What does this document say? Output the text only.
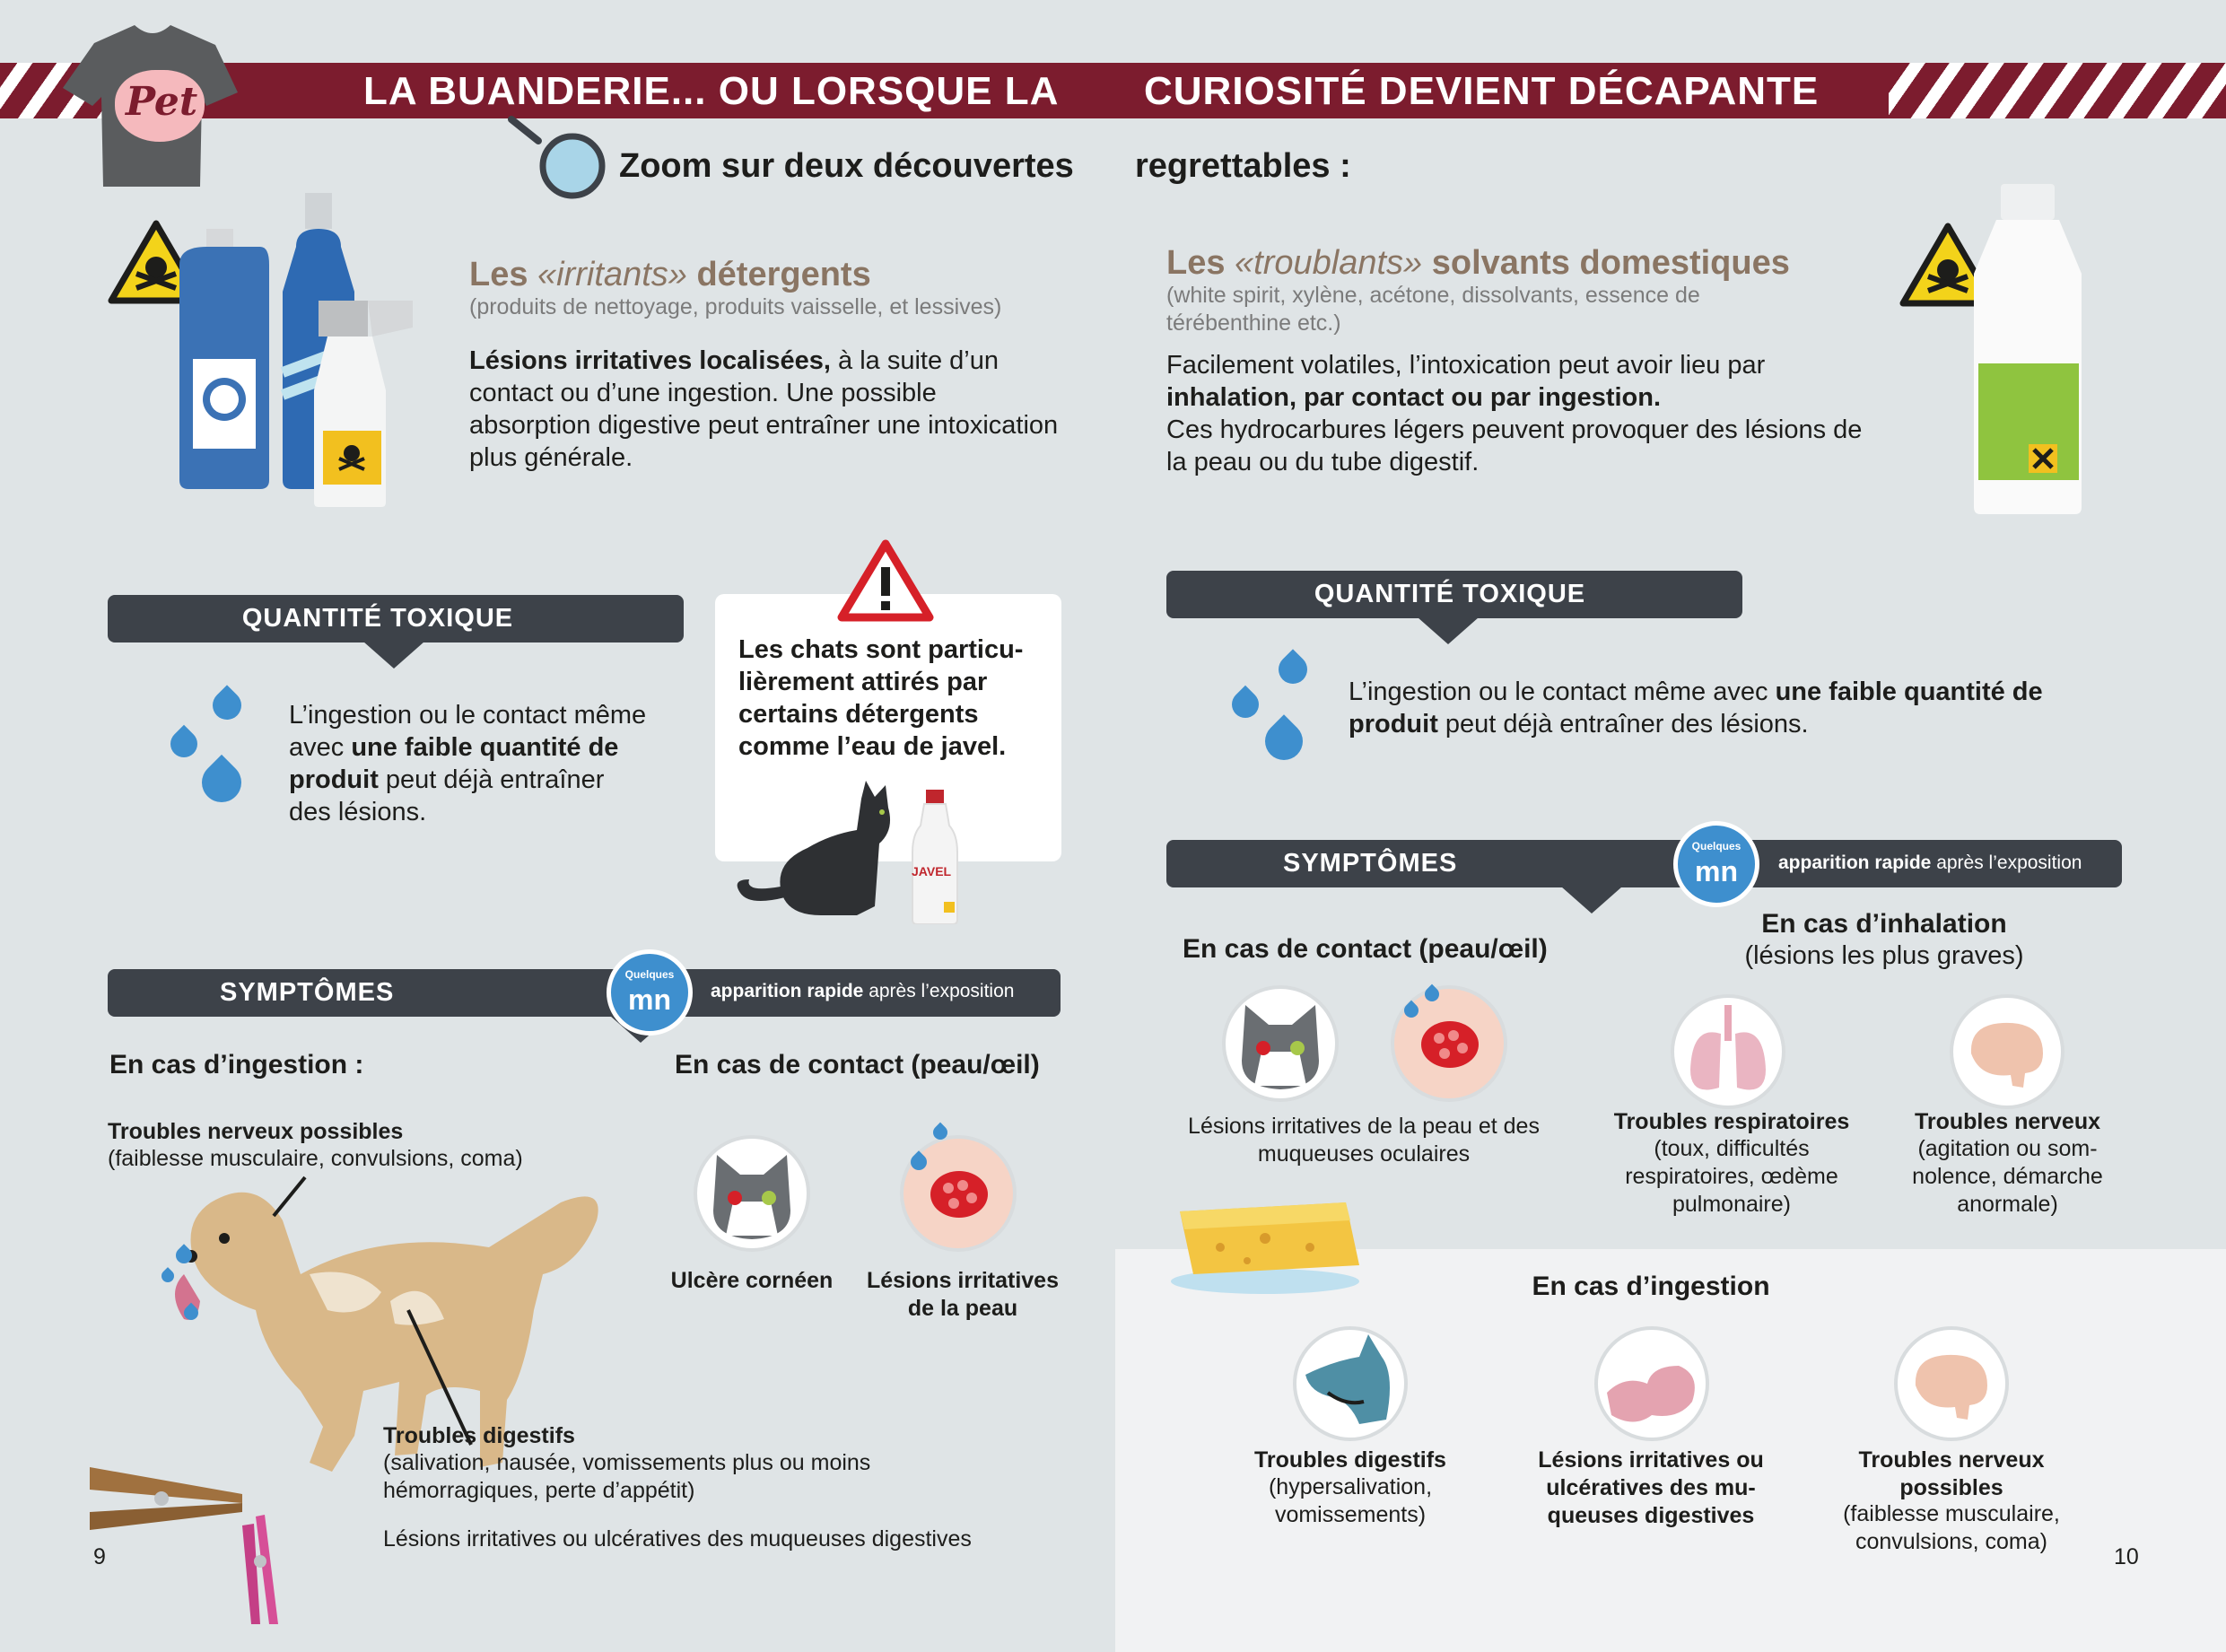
LA BUANDERIE... OU LORSQUE LA CURIOSITÉ DEVIENT DÉCAPANTE
Pet
Zoom sur deux découvertes regrettables :
Les «irritants» détergents
(produits de nettoyage, produits vaisselle, et lessives)
Lésions irritatives localisées, à la suite d’un contact ou d’une ingestion. Une possible absorption digestive peut entraîner une intoxication plus générale.
QUANTITÉ TOXIQUE
L’ingestion ou le contact même avec une faible quantité de produit peut déjà entraîner des lésions.
Les chats sont particu-lièrement attirés par certains détergents comme l’eau de javel.
JAVEL
SYMPTÔMES
Quelques
mn	apparition rapide après l’exposition
En cas d’ingestion :	En cas de contact (peau/œil)
Troubles nerveux possibles
(faiblesse musculaire, convulsions, coma)
Troubles digestifs
(salivation, nausée, vomissements plus ou moins hémorragiques, perte d’appétit)
Lésions irritatives ou ulcératives des muqueuses digestives
9
Ulcère cornéen	Lésions irritatives de la peau
Les «troublants» solvants domestiques
(white spirit, xylène, acétone, dissolvants, essence de térébenthine etc.)
Facilement volatiles, l’intoxication peut avoir lieu par
inhalation, par contact ou par ingestion.
Ces hydrocarbures légers peuvent provoquer des lésions de la peau ou du tube digestif.
QUANTITÉ TOXIQUE
L’ingestion ou le contact même avec une faible quantité de produit peut déjà entraîner des lésions.
SYMPTÔMES
Quelques
mn	apparition rapide après l’exposition
En cas de contact (peau/œil)
En cas d’inhalation
(lésions les plus graves)
Lésions irritatives de la peau et des muqueuses oculaires
Troubles respiratoires
(toux, difficultés respiratoires, œdème pulmonaire)
Troubles nerveux
(agitation ou som-nolence, démarche anormale)
En cas d’ingestion
Troubles digestifs
(hypersalivation, vomissements)
Lésions irritatives ou ulcératives des mu-queuses digestives
Troubles nerveux possibles
(faiblesse musculaire, convulsions, coma)
10
